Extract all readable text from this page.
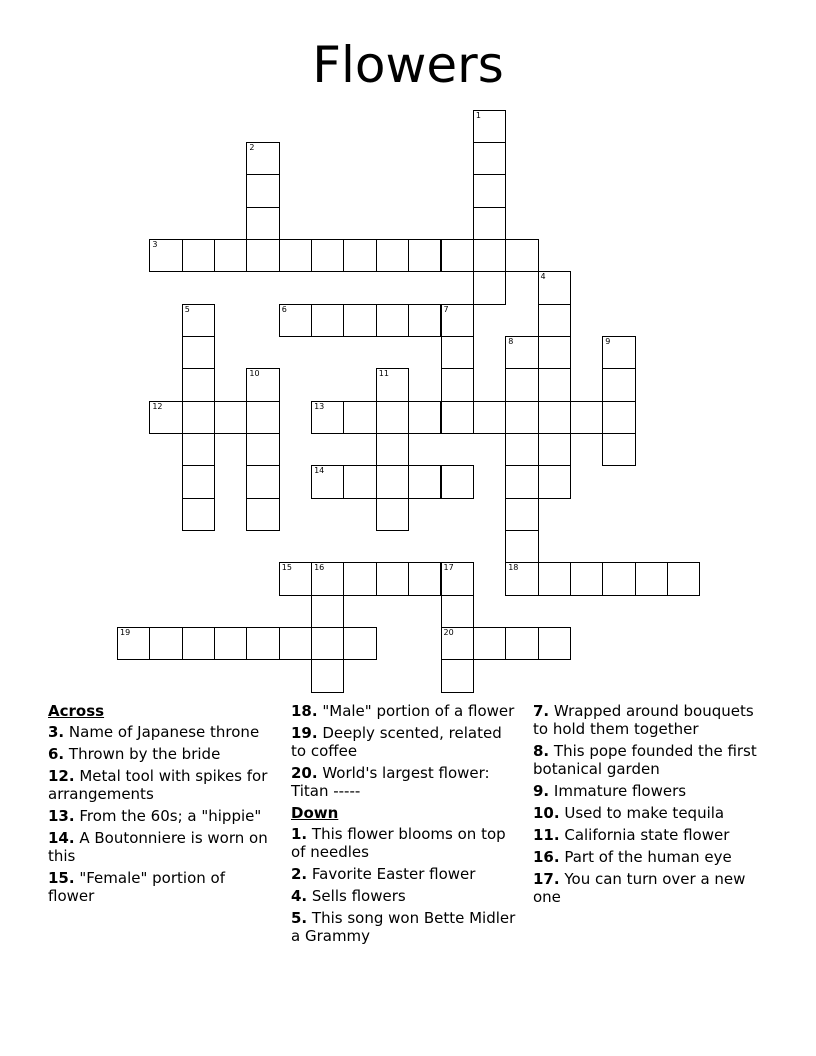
Flowers
1
2
3
4
5	6	7
8	9
10	11
12	13
14
15	16	17	18
19	20
Across
3. Name of Japanese throne
6. Thrown by the bride
12. Metal tool with spikes for arrangements
13. From the 60s; a "hippie"
14. A Boutonniere is worn on this
15. "Female" portion of flower
18. "Male" portion of a flower
19. Deeply scented, related to coffee
20. World's largest flower: Titan -----
Down
1. This flower blooms on top of needles
2. Favorite Easter flower
4. Sells flowers
5. This song won Bette Midler a Grammy
7. Wrapped around bouquets to hold them together
8. This pope founded the first botanical garden
9. Immature flowers
10. Used to make tequila
11. California state flower
16. Part of the human eye
17. You can turn over a new one
